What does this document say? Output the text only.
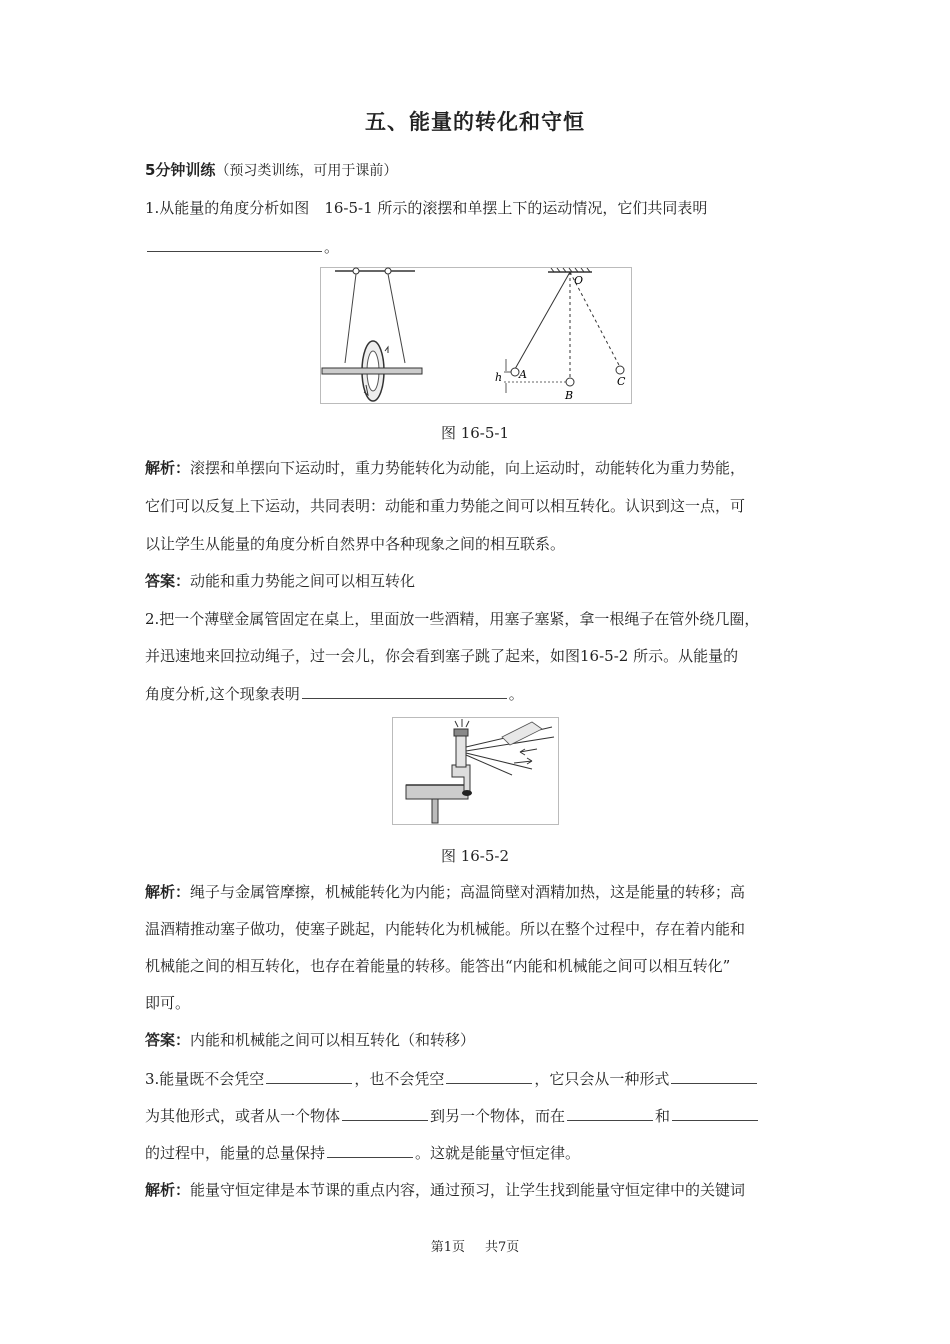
五、能量的转化和守恒
5分钟训练（预习类训练，可用于课前）
1.从能量的角度分析如图　16-5-1 所示的滚摆和单摆上下的运动情况，它们共同表明
。
O
A
B
C
h
图 16-5-1
解析：滚摆和单摆向下运动时，重力势能转化为动能，向上运动时，动能转化为重力势能，
它们可以反复上下运动，共同表明：动能和重力势能之间可以相互转化。认识到这一点，可
以让学生从能量的角度分析自然界中各种现象之间的相互联系。
答案：动能和重力势能之间可以相互转化
2.把一个薄壁金属管固定在桌上，里面放一些酒精，用塞子塞紧，拿一根绳子在管外绕几圈，
并迅速地来回拉动绳子，过一会儿，你会看到塞子跳了起来，如图16-5-2 所示。从能量的
角度分析,这个现象表明	。
图 16-5-2
解析：绳子与金属管摩擦，机械能转化为内能；高温筒壁对酒精加热，这是能量的转移；高
温酒精推动塞子做功，使塞子跳起，内能转化为机械能。所以在整个过程中，存在着内能和
机械能之间的相互转化，也存在着能量的转移。能答出“内能和机械能之间可以相互转化”
即可。
答案：内能和机械能之间可以相互转化（和转移）
3.能量既不会凭空	，也不会凭空	，它只会从一种形式
为其他形式，或者从一个物体	到另一个物体，而在	和
的过程中，能量的总量保持	。这就是能量守恒定律。
解析：能量守恒定律是本节课的重点内容，通过预习，让学生找到能量守恒定律中的关键词
第1页 共7页
